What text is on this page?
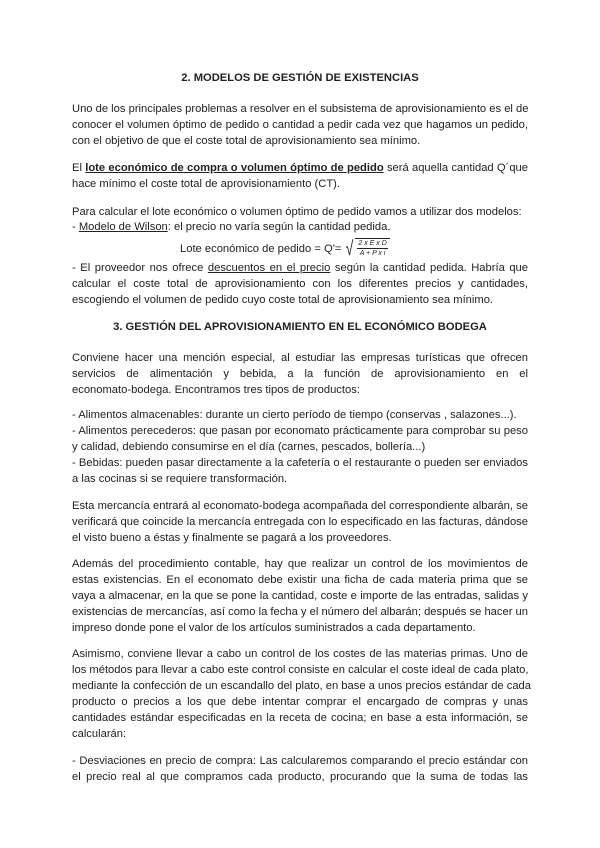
2. MODELOS DE GESTIÓN DE EXISTENCIAS
Uno de los principales problemas a resolver en el subsistema de aprovisionamiento es el de
conocer el volumen óptimo de pedido o cantidad a pedir cada vez que hagamos un pedido,
con el objetivo de que el coste total de aprovisionamiento sea mínimo.
El lote económico de compra o volumen óptimo de pedido será aquella cantidad Q´que
hace mínimo el coste total de aprovisionamiento (CT).
Para calcular el lote económico o volumen óptimo de pedido vamos a utilizar dos modelos:
- Modelo de Wilson: el precio no varía según la cantidad pedida.
Lote económico de pedido = Q'= √ $\frac{\text{2 x E x D}}{\text{A + P x i}}$
- El proveedor nos ofrece descuentos en el precio según la cantidad pedida. Habría que
calcular el coste total de aprovisionamiento con los diferentes precios y cantidades,
escogiendo el volumen de pedido cuyo coste total de aprovisionamiento sea mínimo.
3. GESTIÓN DEL APROVISIONAMIENTO EN EL ECONÓMICO BODEGA
Conviene hacer una mención especial, al estudiar las empresas turísticas que ofrecen
servicios de alimentación y bebida, a la función de aprovisionamiento en el
economato-bodega. Encontramos tres tipos de productos:
- Alimentos almacenables: durante un cierto período de tiempo (conservas , salazones...).
- Alimentos perecederos: que pasan por economato prácticamente para comprobar su peso
y calidad, debiendo consumirse en el día (carnes, pescados, bollería...)
- Bebidas: pueden pasar directamente a la cafetería o el restaurante o pueden ser enviados
a las cocinas si se requiere transformación.
Esta mercancía entrará al economato-bodega acompañada del correspondiente albarán, se
verificará que coincide la mercancía entregada con lo especificado en las facturas, dándose
el visto bueno a éstas y finalmente se pagará a los proveedores.
Además del procedimiento contable, hay que realizar un control de los movimientos de
estas existencias. En el economato debe existir una ficha de cada materia prima que se
vaya a almacenar, en la que se pone la cantidad, coste e importe de las entradas, salidas y
existencias de mercancías, así como la fecha y el número del albarán; después se hacer un
impreso donde pone el valor de los artículos suministrados a cada departamento.
Asimismo, conviene llevar a cabo un control de los costes de las materias primas. Uno de
los métodos para llevar a cabo este control consiste en calcular el coste ideal de cada plato,
mediante la confección de un escandallo del plato, en base a unos precios estándar de cada
producto o precios a los que debe intentar comprar el encargado de compras y unas
cantidades estándar especificadas en la receta de cocina; en base a esta información, se
calcularán:
- Desviaciones en precio de compra: Las calcularemos comparando el precio estándar con
el precio real al que compramos cada producto, procurando que la suma de todas las
